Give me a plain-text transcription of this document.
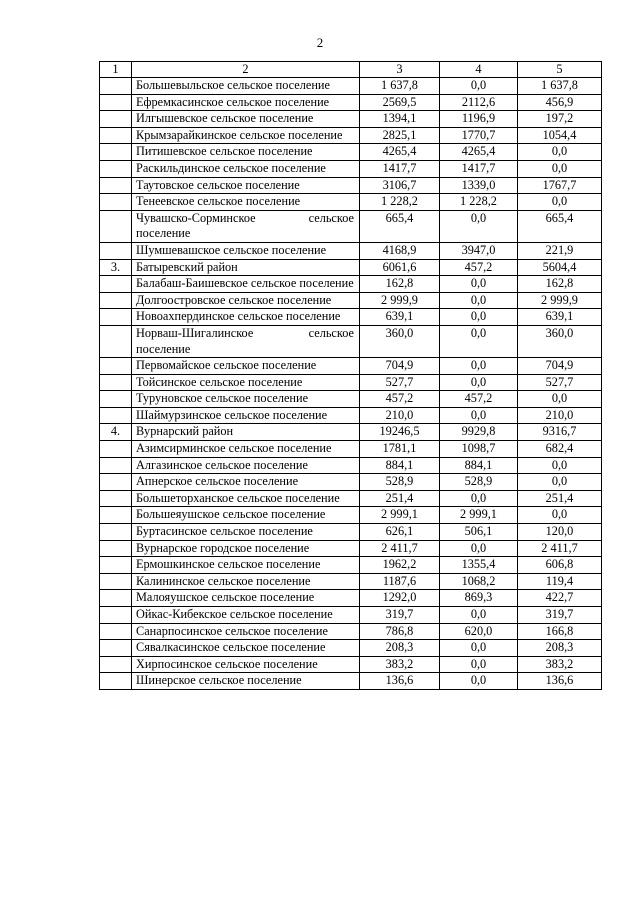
2
1	2	3	4	5
	Большевыльское сельское поселение	1 637,8	0,0	1 637,8
	Ефремкасинское сельское поселение	2569,5	2112,6	456,9
	Илгышевское сельское поселение	1394,1	1196,9	197,2
	Крымзарайкинское сельское поселение	2825,1	1770,7	1054,4
	Питишевское сельское поселение	4265,4	4265,4	0,0
	Раскильдинское сельское поселение	1417,7	1417,7	0,0
	Таутовское сельское поселение	3106,7	1339,0	1767,7
	Тенеевское сельское поселение	1 228,2	1 228,2	0,0
	Чувашско-Сорминское сельское поселение	665,4	0,0	665,4
	Шумшевашское сельское поселение	4168,9	3947,0	221,9
3.	Батыревский район	6061,6	457,2	5604,4
	Балабаш-Баишевское сельское поселение	162,8	0,0	162,8
	Долгоостровское сельское поселение	2 999,9	0,0	2 999,9
	Новоахпердинское сельское поселение	639,1	0,0	639,1
	Норваш-Шигалинское сельское поселение	360,0	0,0	360,0
	Первомайское сельское поселение	704,9	0,0	704,9
	Тойсинское сельское поселение	527,7	0,0	527,7
	Туруновское сельское поселение	457,2	457,2	0,0
	Шаймурзинское сельское поселение	210,0	0,0	210,0
4.	Вурнарский район	19246,5	9929,8	9316,7
	Азимсирминское сельское поселение	1781,1	1098,7	682,4
	Алгазинское сельское поселение	884,1	884,1	0,0
	Апнерское сельское поселение	528,9	528,9	0,0
	Большеторханское сельское поселение	251,4	0,0	251,4
	Большеяушское сельское поселение	2 999,1	2 999,1	0,0
	Буртасинское сельское поселение	626,1	506,1	120,0
	Вурнарское городское поселение	2 411,7	0,0	2 411,7
	Ермошкинское сельское поселение	1962,2	1355,4	606,8
	Калининское сельское поселение	1187,6	1068,2	119,4
	Малояушское сельское поселение	1292,0	869,3	422,7
	Ойкас-Кибекское сельское поселение	319,7	0,0	319,7
	Санарпосинское сельское поселение	786,8	620,0	166,8
	Сявалкасинское сельское поселение	208,3	0,0	208,3
	Хирпосинское сельское поселение	383,2	0,0	383,2
	Шинерское сельское поселение	136,6	0,0	136,6
